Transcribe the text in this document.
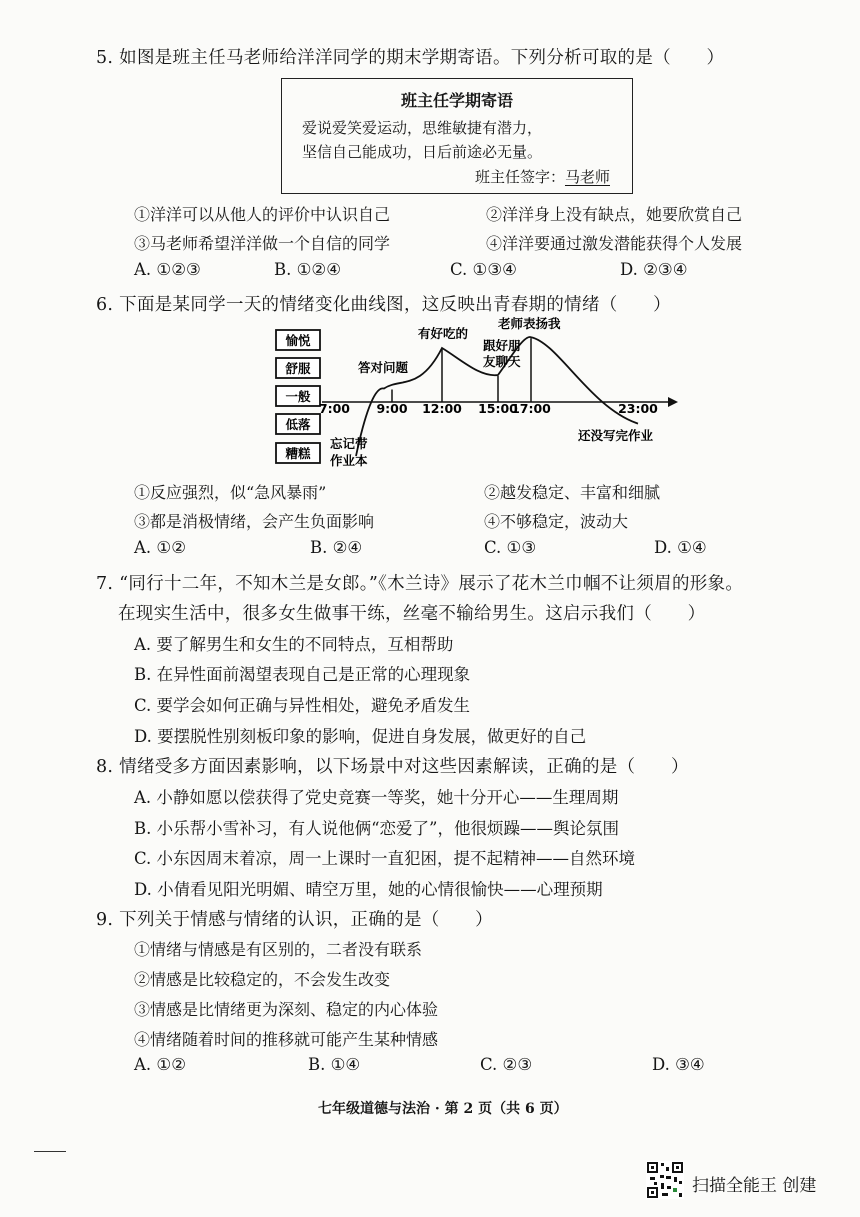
5. 如图是班主任马老师给洋洋同学的期末学期寄语。下列分析可取的是（　　）
班主任学期寄语
爱说爱笑爱运动，思维敏捷有潜力，
坚信自己能成功，日后前途必无量。
班主任签字：马老师
①洋洋可以从他人的评价中认识自己	②洋洋身上没有缺点，她要欣赏自己
③马老师希望洋洋做一个自信的同学	④洋洋要通过激发潜能获得个人发展
A. ①②③	B. ①②④	C. ①③④	D. ②③④
6. 下面是某同学一天的情绪变化曲线图，这反映出青春期的情绪（　　）
愉悦
舒服
一般
低落
糟糕
7:00 9:00 12:00 15:00
17:00	23:00
答对问题
有好吃的
跟好朋
友聊天
老师表扬我
忘记带
作业本
还没写完作业
①反应强烈，似“急风暴雨”	②越发稳定、丰富和细腻
③都是消极情绪，会产生负面影响	④不够稳定，波动大
A. ①②	B. ②④	C. ①③	D. ①④
7. “同行十二年，不知木兰是女郎。”《木兰诗》展示了花木兰巾帼不让须眉的形象。
在现实生活中，很多女生做事干练，丝毫不输给男生。这启示我们（　　）
A. 要了解男生和女生的不同特点，互相帮助
B. 在异性面前渴望表现自己是正常的心理现象
C. 要学会如何正确与异性相处，避免矛盾发生
D. 要摆脱性别刻板印象的影响，促进自身发展，做更好的自己
8. 情绪受多方面因素影响，以下场景中对这些因素解读，正确的是（　　）
A. 小静如愿以偿获得了党史竞赛一等奖，她十分开心——生理周期
B. 小乐帮小雪补习，有人说他俩“恋爱了”，他很烦躁——舆论氛围
C. 小东因周末着凉，周一上课时一直犯困，提不起精神——自然环境
D. 小倩看见阳光明媚、晴空万里，她的心情很愉快——心理预期
9. 下列关于情感与情绪的认识，正确的是（　　）
①情绪与情感是有区别的，二者没有联系
②情感是比较稳定的，不会发生改变
③情感是比情绪更为深刻、稳定的内心体验
④情绪随着时间的推移就可能产生某种情感
A. ①②	B. ①④	C. ②③	D. ③④
七年级道德与法治 · 第 2 页（共 6 页）
扫描全能王 创建
